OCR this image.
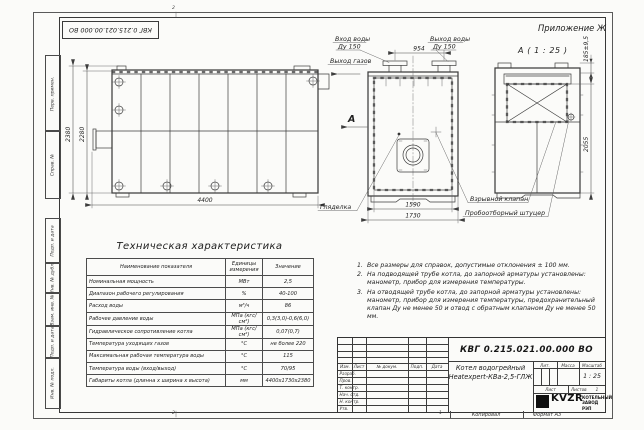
Перв. примен.
Справ. №
Подп. и дата
Инв. № дубл.
Взам. инв. №
Подп. и дата
Инв. № подл.
КВГ 0.215.021.00.000 ВО	Приложение Ж
2
2	1
4400
2380 2280
954
1590
1730
Вход воды
Ду 150
Выход воды
Ду 150
Выход газов
А
Гляделка
А ( 1 : 25 )	185±9,5
2055
Взрывной клапан
Пробоотборный штуцер
Техническая характеристика
Наименование показателя	Единицы измерения	Значение
Номинальная мощность	МВт	2,5
Диапазон рабочего регулирования	%	40-100
Расход воды	м³/ч	86
Рабочее давление воды	МПа (кгс/см²)	0,3(3,0)-0,6(6,0)
Гидравлическое сопротивление котла	МПа (кгс/см²)	0,07(0,7)
Температура уходящих газов	°С	не более 220
Максимальная рабочая температура воды	°С	115
Температура воды (вход/выход)	°С	70/95
Габариты котла (длинна х ширина х высота)	мм	4400х1730х2380
1. Все размеры для справок, допустимые отклонения ± 100 мм.
2. На подводящей трубе котла, до запорной арматуры установлены: манометр, прибор для измерения температуры.
3. На отводящей трубе котла, до запорной арматуры установлены: манометр, прибор для измерения температуры, предохранительный клапан Ду не менее 50 и отвод с обратным клапаном Ду не менее 50 мм.
Изм. Лист	№ докум.	Подп.	Дата
Разраб.
Пров.
Т. контр.
Нач. отд.
Н. контр.
Утв.
КВГ 0.215.021.00.000 ВО
Котел водогрейный
Heatexpert-КВа-2,5-ГЛЖ
Лит.	Масса	Масштаб
1 : 25
Лист	Листов	1
KVZR
КОТЕЛЬНЫЙ
ЗАВОД РЭП
Копировал	Формат А3
